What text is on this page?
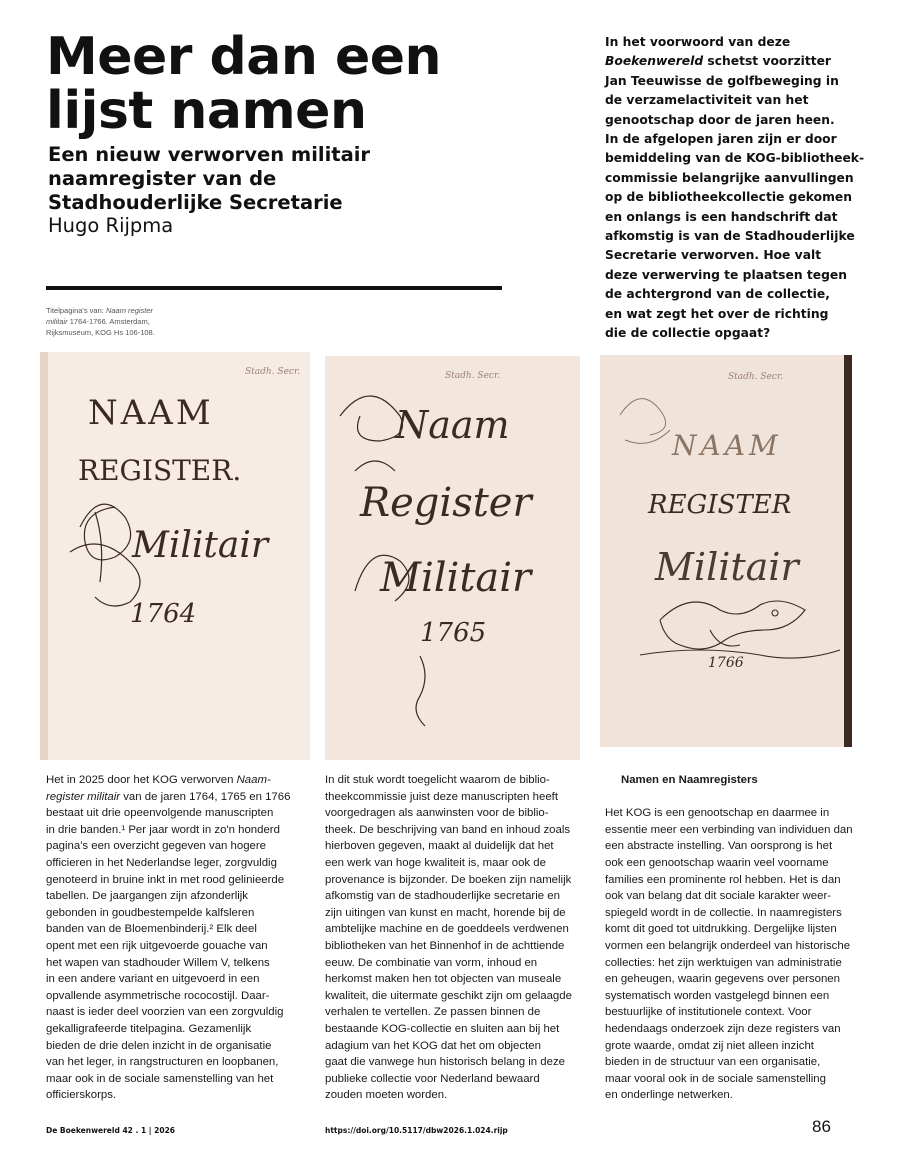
Meer dan een
lijst namen
Een nieuw verworven militair
naamregister van de
Stadhouderlijke Secretarie
Hugo Rijpma
Titelpagina's van: Naam register
militair 1764-1766. Amsterdam,
Rijksmuseum, KOG Hs 106-108.
In het voorwoord van deze
Boekenwereld schetst voorzitter
Jan Teeuwisse de golfbeweging in
de verzamelactiviteit van het
genootschap door de jaren heen.
In de afgelopen jaren zijn er door
bemiddeling van de KOG-bibliotheek-
commissie belangrijke aanvullingen
op de bibliotheekcollectie gekomen
en onlangs is een handschrift dat
afkomstig is van de Stadhouderlijke
Secretarie verworven. Hoe valt
deze verwerving te plaatsen tegen
de achtergrond van de collectie,
en wat zegt het over de richting
die de collectie opgaat?
Stadh. Secr.
NAAM
REGISTER.
Militair
1764
Stadh. Secr.
Naam
Register
Militair
1765
Stadh. Secr.
NAAM
REGISTER
Militair
1766
Het in 2025 door het KOG verworven Naam-
register militair van de jaren 1764, 1765 en 1766
bestaat uit drie opeenvolgende manuscripten
in drie banden.¹ Per jaar wordt in zo'n honderd
pagina's een overzicht gegeven van hogere
officieren in het Nederlandse leger, zorgvuldig
genoteerd in bruine inkt in met rood gelinieerde
tabellen. De jaargangen zijn afzonderlijk
gebonden in goudbestempelde kalfsleren
banden van de Bloemenbinderij.² Elk deel
opent met een rijk uitgevoerde gouache van
het wapen van stadhouder Willem V, telkens
in een andere variant en uitgevoerd in een
opvallende asymmetrische rococostijl. Daar-
naast is ieder deel voorzien van een zorgvuldig
gekalligrafeerde titelpagina. Gezamenlijk
bieden de drie delen inzicht in de organisatie
van het leger, in rangstructuren en loopbanen,
maar ook in de sociale samenstelling van het
officierskorps.
In dit stuk wordt toegelicht waarom de biblio-
theekcommissie juist deze manuscripten heeft
voorgedragen als aanwinsten voor de biblio-
theek. De beschrijving van band en inhoud zoals
hierboven gegeven, maakt al duidelijk dat het
een werk van hoge kwaliteit is, maar ook de
provenance is bijzonder. De boeken zijn namelijk
afkomstig van de stadhouderlijke secretarie en
zijn uitingen van kunst en macht, horende bij de
ambtelijke machine en de goeddeels verdwenen
bibliotheken van het Binnenhof in de achttiende
eeuw. De combinatie van vorm, inhoud en
herkomst maken hen tot objecten van museale
kwaliteit, die uitermate geschikt zijn om gelaagde
verhalen te vertellen. Ze passen binnen de
bestaande KOG-collectie en sluiten aan bij het
adagium van het KOG dat het om objecten
gaat die vanwege hun historisch belang in deze
publieke collectie voor Nederland bewaard
zouden moeten worden.
Namen en Naamregisters
Het KOG is een genootschap en daarmee in
essentie meer een verbinding van individuen dan
een abstracte instelling. Van oorsprong is het
ook een genootschap waarin veel voorname
families een prominente rol hebben. Het is dan
ook van belang dat dit sociale karakter weer-
spiegeld wordt in de collectie. In naamregisters
komt dit goed tot uitdrukking. Dergelijke lijsten
vormen een belangrijk onderdeel van historische
collecties: het zijn werktuigen van administratie
en geheugen, waarin gegevens over personen
systematisch worden vastgelegd binnen een
bestuurlijke of institutionele context. Voor
hedendaags onderzoek zijn deze registers van
grote waarde, omdat zij niet alleen inzicht
bieden in de structuur van een organisatie,
maar vooral ook in de sociale samenstelling
en onderlinge netwerken.
De Boekenwereld 42 . 1 | 2026	https://doi.org/10.5117/dbw2026.1.024.rijp	86
